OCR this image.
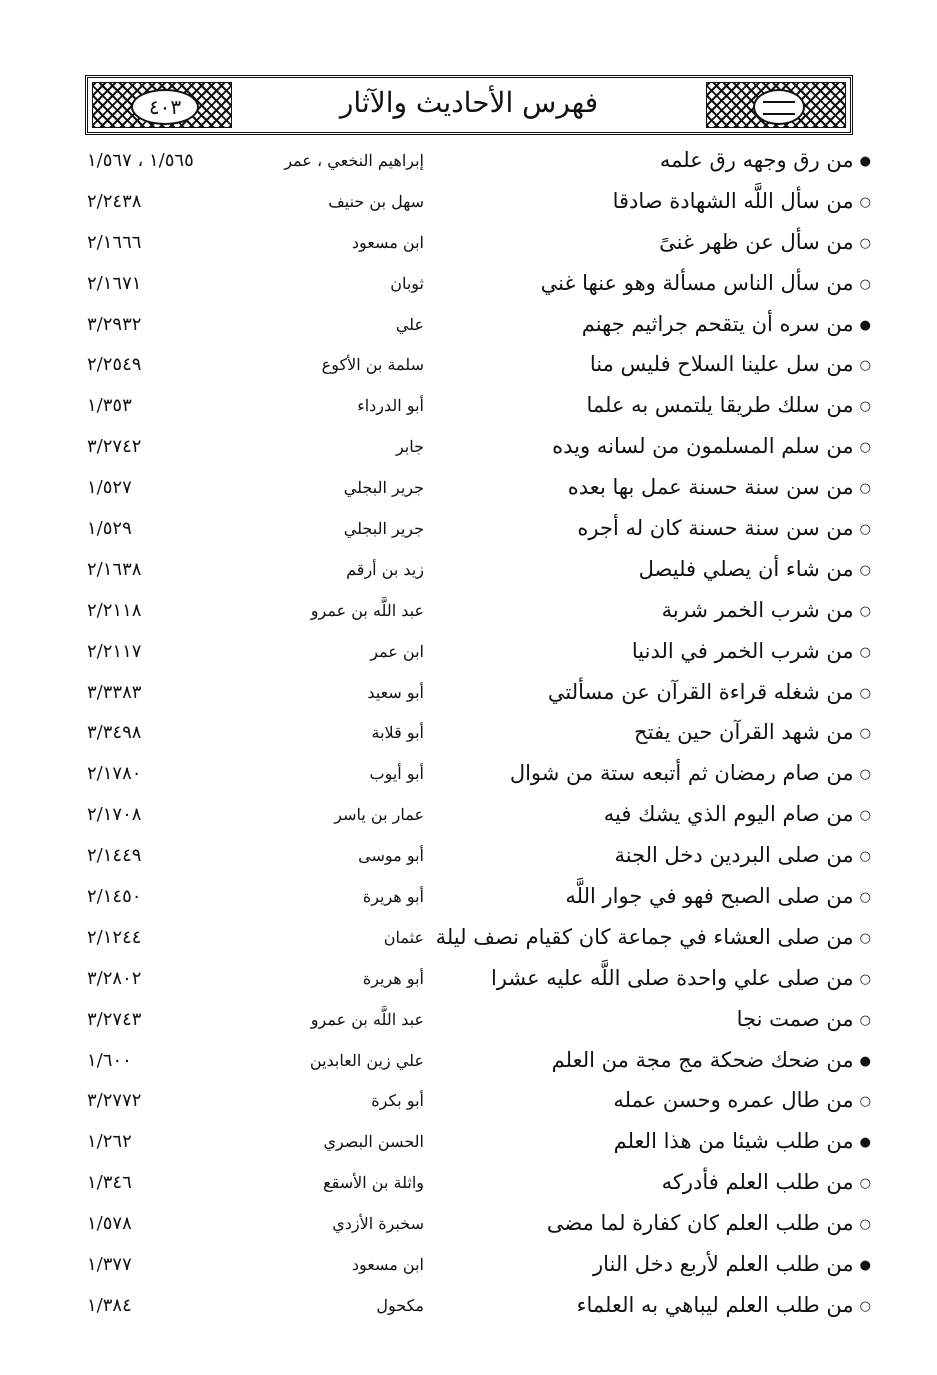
٤٠٣	فهرس الأحاديث والآثار
●من رق وجهه رق علمه
إبراهيم النخعي ، عمر
١/٥٦٥ ، ١/٥٦٧
○من سأل اللَّه الشهادة صادقا
سهل بن حنيف
٢/٢٤٣٨
○من سأل عن ظهر غنىً
ابن مسعود
٢/١٦٦٦
○من سأل الناس مسألة وهو عنها غني
ثوبان
٢/١٦٧١
●من سره أن يتقحم جراثيم جهنم
علي
٣/٢٩٣٢
○من سل علينا السلاح فليس منا
سلمة بن الأكوع
٢/٢٥٤٩
○من سلك طريقا يلتمس به علما
أبو الدرداء
١/٣٥٣
○من سلم المسلمون من لسانه ويده
جابر
٣/٢٧٤٢
○من سن سنة حسنة عمل بها بعده
جرير البجلي
١/٥٢٧
○من سن سنة حسنة كان له أجره
جرير البجلي
١/٥٢٩
○من شاء أن يصلي فليصل
زيد بن أرقم
٢/١٦٣٨
○من شرب الخمر شربة
عبد اللَّه بن عمرو
٢/٢١١٨
○من شرب الخمر في الدنيا
ابن عمر
٢/٢١١٧
○من شغله قراءة القرآن عن مسألتي
أبو سعيد
٣/٣٣٨٣
○من شهد القرآن حين يفتح
أبو قلابة
٣/٣٤٩٨
○من صام رمضان ثم أتبعه ستة من شوال
أبو أيوب
٢/١٧٨٠
○من صام اليوم الذي يشك فيه
عمار بن ياسر
٢/١٧٠٨
○من صلى البردين دخل الجنة
أبو موسى
٢/١٤٤٩
○من صلى الصبح فهو في جوار اللَّه
أبو هريرة
٢/١٤٥٠
○من صلى العشاء في جماعة كان كقيام نصف ليلة
عثمان
٢/١٢٤٤
○من صلى علي واحدة صلى اللَّه عليه عشرا
أبو هريرة
٣/٢٨٠٢
○من صمت نجا
عبد اللَّه بن عمرو
٣/٢٧٤٣
●من ضحك ضحكة مج مجة من العلم
علي زين العابدين
١/٦٠٠
○من طال عمره وحسن عمله
أبو بكرة
٣/٢٧٧٢
●من طلب شيئا من هذا العلم
الحسن البصري
١/٢٦٢
○من طلب العلم فأدركه
واثلة بن الأسقع
١/٣٤٦
○من طلب العلم كان كفارة لما مضى
سخبرة الأزدي
١/٥٧٨
●من طلب العلم لأربع دخل النار
ابن مسعود
١/٣٧٧
○من طلب العلم ليباهي به العلماء
مكحول
١/٣٨٤
